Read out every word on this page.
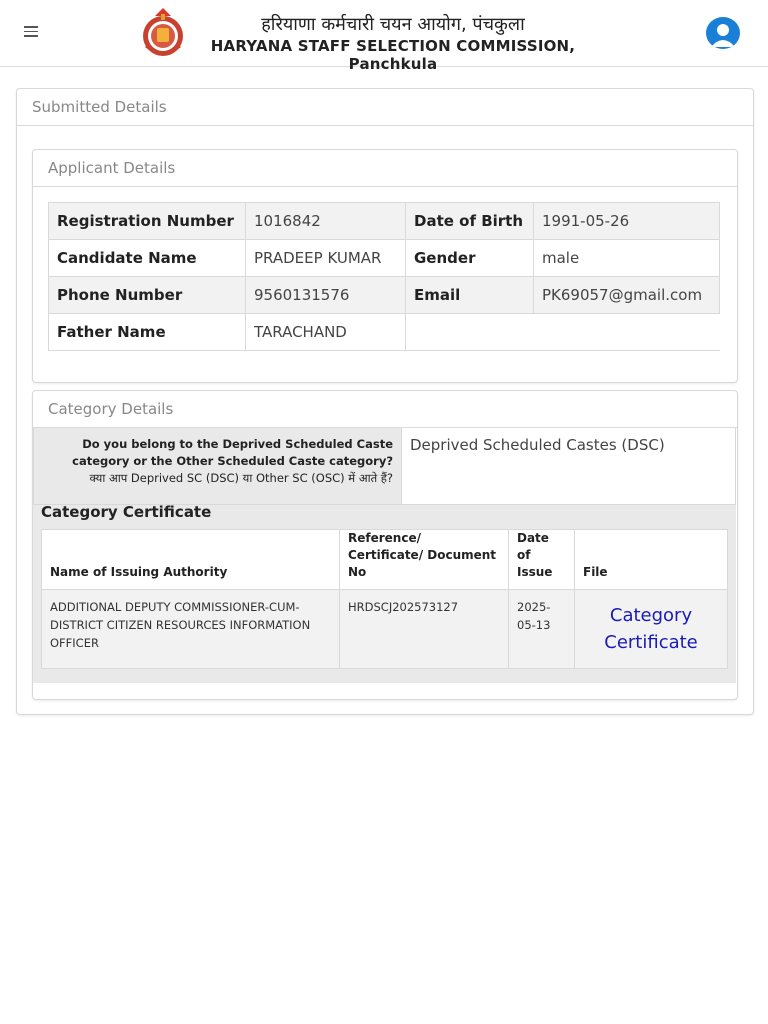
हरियाणा कर्मचारी चयन आयोग, पंचकुला
HARYANA STAFF SELECTION COMMISSION, Panchkula
Submitted Details
Applicant Details
Registration Number	1016842	Date of Birth	1991-05-26
Candidate Name	PRADEEP KUMAR	Gender	male
Phone Number	9560131576	Email	PK69057@gmail.com
Father Name	TARACHAND		
Category Details
Do you belong to the Deprived Scheduled Caste category or the Other Scheduled Caste category?
क्या आप Deprived SC (DSC) या Other SC (OSC) में आते हैं?
	Deprived Scheduled Castes (DSC)
Category Certificate
Name of Issuing Authority	Reference/ Certificate/ Document No	Date of Issue	File
ADDITIONAL DEPUTY COMMISSIONER-CUM-DISTRICT CITIZEN RESOURCES INFORMATION OFFICER	HRDSCJ202573127	2025-05-13	Category Certificate
